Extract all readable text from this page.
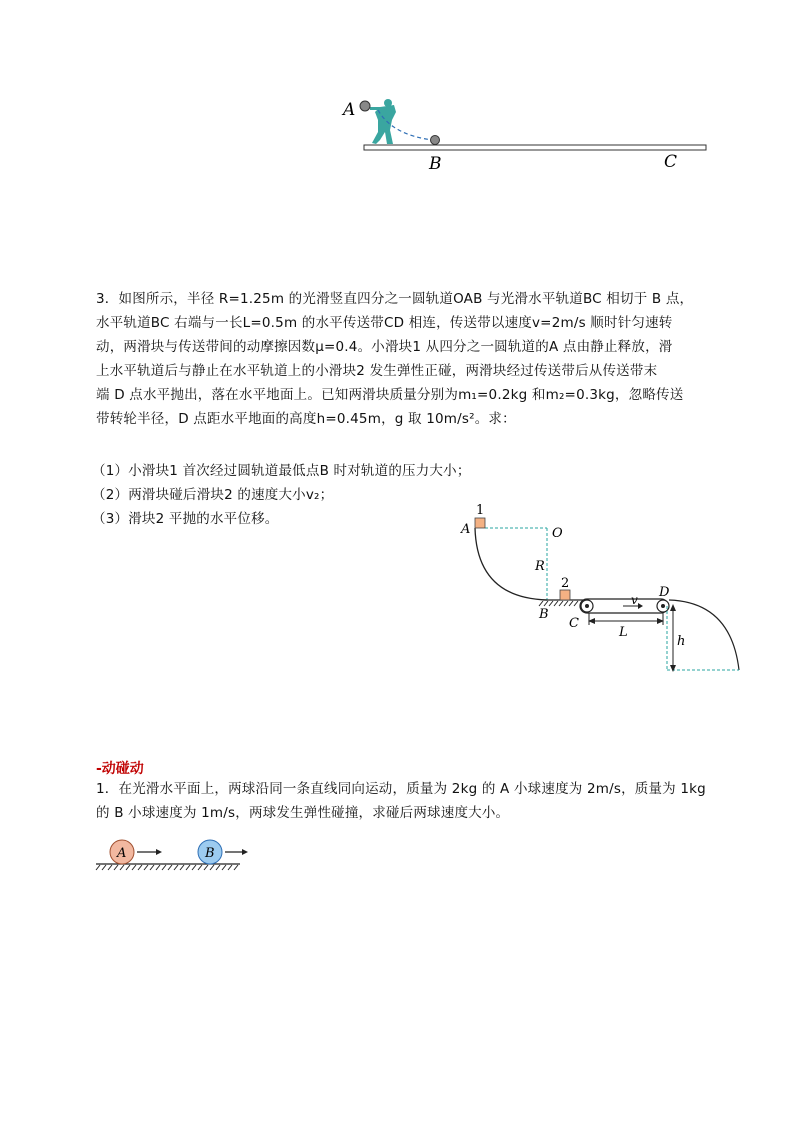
A
B	C
3．如图所示，半径 R=1.25m 的光滑竖直四分之一圆轨道OAB 与光滑水平轨道BC 相切于 B 点，
水平轨道BC 右端与一长L=0.5m 的水平传送带CD 相连，传送带以速度v=2m/s 顺时针匀速转
动，两滑块与传送带间的动摩擦因数μ=0.4。小滑块1 从四分之一圆轨道的A 点由静止释放，滑
上水平轨道后与静止在水平轨道上的小滑块2 发生弹性正碰，两滑块经过传送带后从传送带末
端 D 点水平抛出，落在水平地面上。已知两滑块质量分别为m₁=0.2kg 和m₂=0.3kg，忽略传送
带转轮半径，D 点距水平地面的高度h=0.45m，g 取 10m/s²。求：
（1）小滑块1 首次经过圆轨道最低点B 时对轨道的压力大小；
（2）两滑块碰后滑块2 的速度大小v₂；
（3）滑块2 平抛的水平位移。
1
2
A	O
R
B
C
D
v
L
h
-动碰动
1．在光滑水平面上，两球沿同一条直线同向运动，质量为 2kg 的 A 小球速度为 2m/s，质量为 1kg
的 B 小球速度为 1m/s，两球发生弹性碰撞，求碰后两球速度大小。
A	B
